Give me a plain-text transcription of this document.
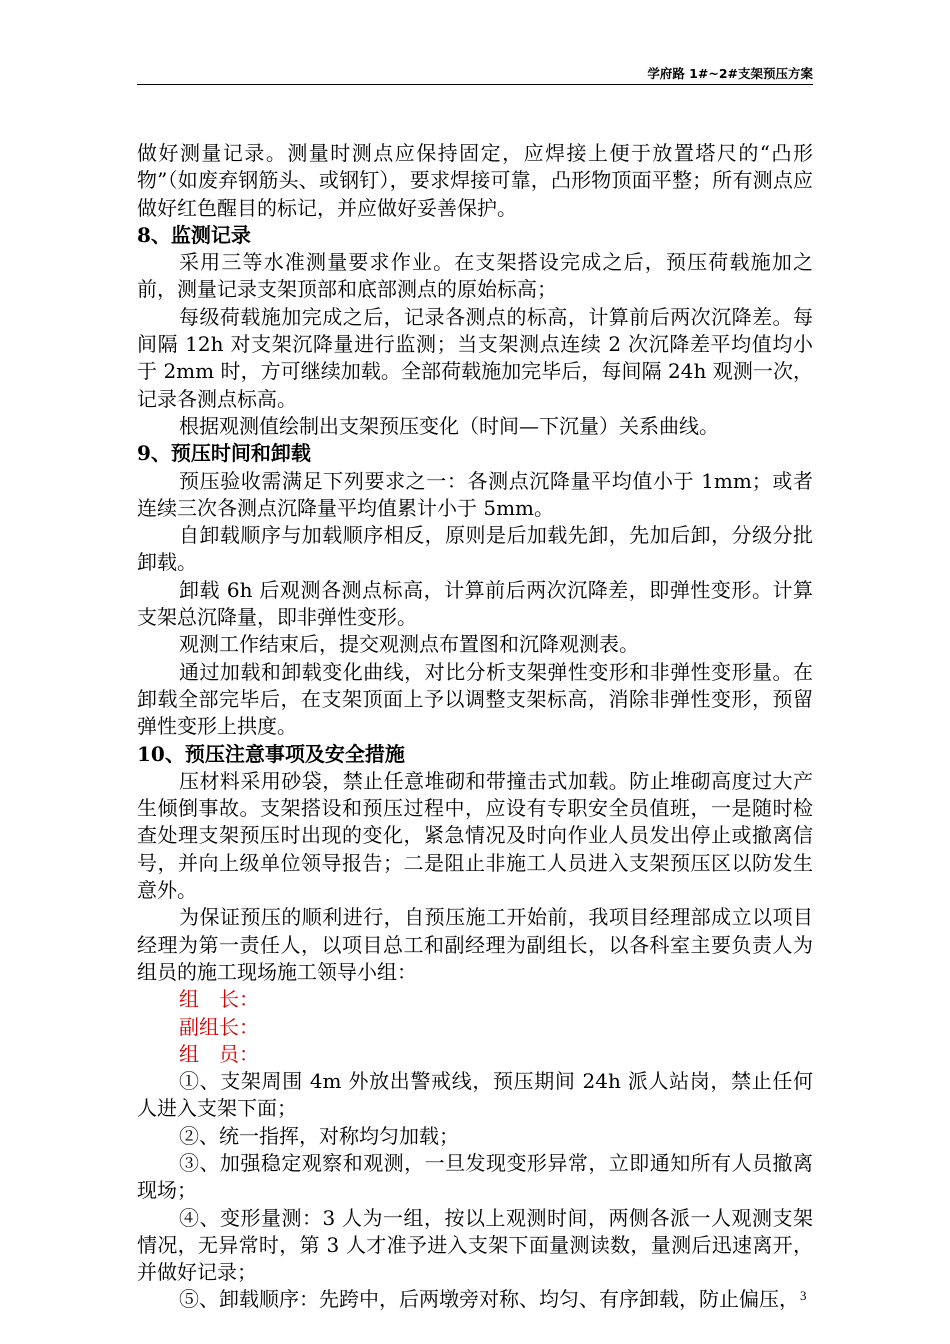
学府路 1#~2#支架预压方案

做好测量记录。测量时测点应保持固定，应焊接上便于放置塔尺的“凸形物”（如废弃钢筋头、或钢钉），要求焊接可靠，凸形物顶面平整；所有测点应做好红色醒目的标记，并应做好妥善保护。

8、监测记录

采用三等水准测量要求作业。在支架搭设完成之后，预压荷载施加之前，测量记录支架顶部和底部测点的原始标高；

每级荷载施加完成之后，记录各测点的标高，计算前后两次沉降差。每间隔 12h 对支架沉降量进行监测；当支架测点连续 2 次沉降差平均值均小于 2mm 时，方可继续加载。全部荷载施加完毕后，每间隔 24h 观测一次，记录各测点标高。

根据观测值绘制出支架预压变化（时间—下沉量）关系曲线。

9、预压时间和卸载

预压验收需满足下列要求之一：各测点沉降量平均值小于 1mm；或者连续三次各测点沉降量平均值累计小于 5mm。

自卸载顺序与加载顺序相反，原则是后加载先卸，先加后卸，分级分批卸载。

卸载 6h 后观测各测点标高，计算前后两次沉降差，即弹性变形。计算支架总沉降量，即非弹性变形。

观测工作结束后，提交观测点布置图和沉降观测表。

通过加载和卸载变化曲线，对比分析支架弹性变形和非弹性变形量。在卸载全部完毕后，在支架顶面上予以调整支架标高，消除非弹性变形，预留弹性变形上拱度。

10、预压注意事项及安全措施

压材料采用砂袋，禁止任意堆砌和带撞击式加载。防止堆砌高度过大产生倾倒事故。支架搭设和预压过程中，应设有专职安全员值班，一是随时检查处理支架预压时出现的变化，紧急情况及时向作业人员发出停止或撤离信号，并向上级单位领导报告；二是阻止非施工人员进入支架预压区以防发生意外。

为保证预压的顺利进行，自预压施工开始前，我项目经理部成立以项目经理为第一责任人，以项目总工和副经理为副组长，以各科室主要负责人为组员的施工现场施工领导小组：

组　长：

副组长：

组　员：

①、支架周围 4m 外放出警戒线，预压期间 24h 派人站岗，禁止任何人进入支架下面；

②、统一指挥，对称均匀加载；

③、加强稳定观察和观测，一旦发现变形异常，立即通知所有人员撤离现场；

④、变形量测：3 人为一组，按以上观测时间，两侧各派一人观测支架情况，无异常时，第 3 人才准予进入支架下面量测读数，量测后迅速离开，并做好记录；

⑤、卸载顺序：先跨中，后两墩旁对称、均匀、有序卸载，防止偏压， 3
